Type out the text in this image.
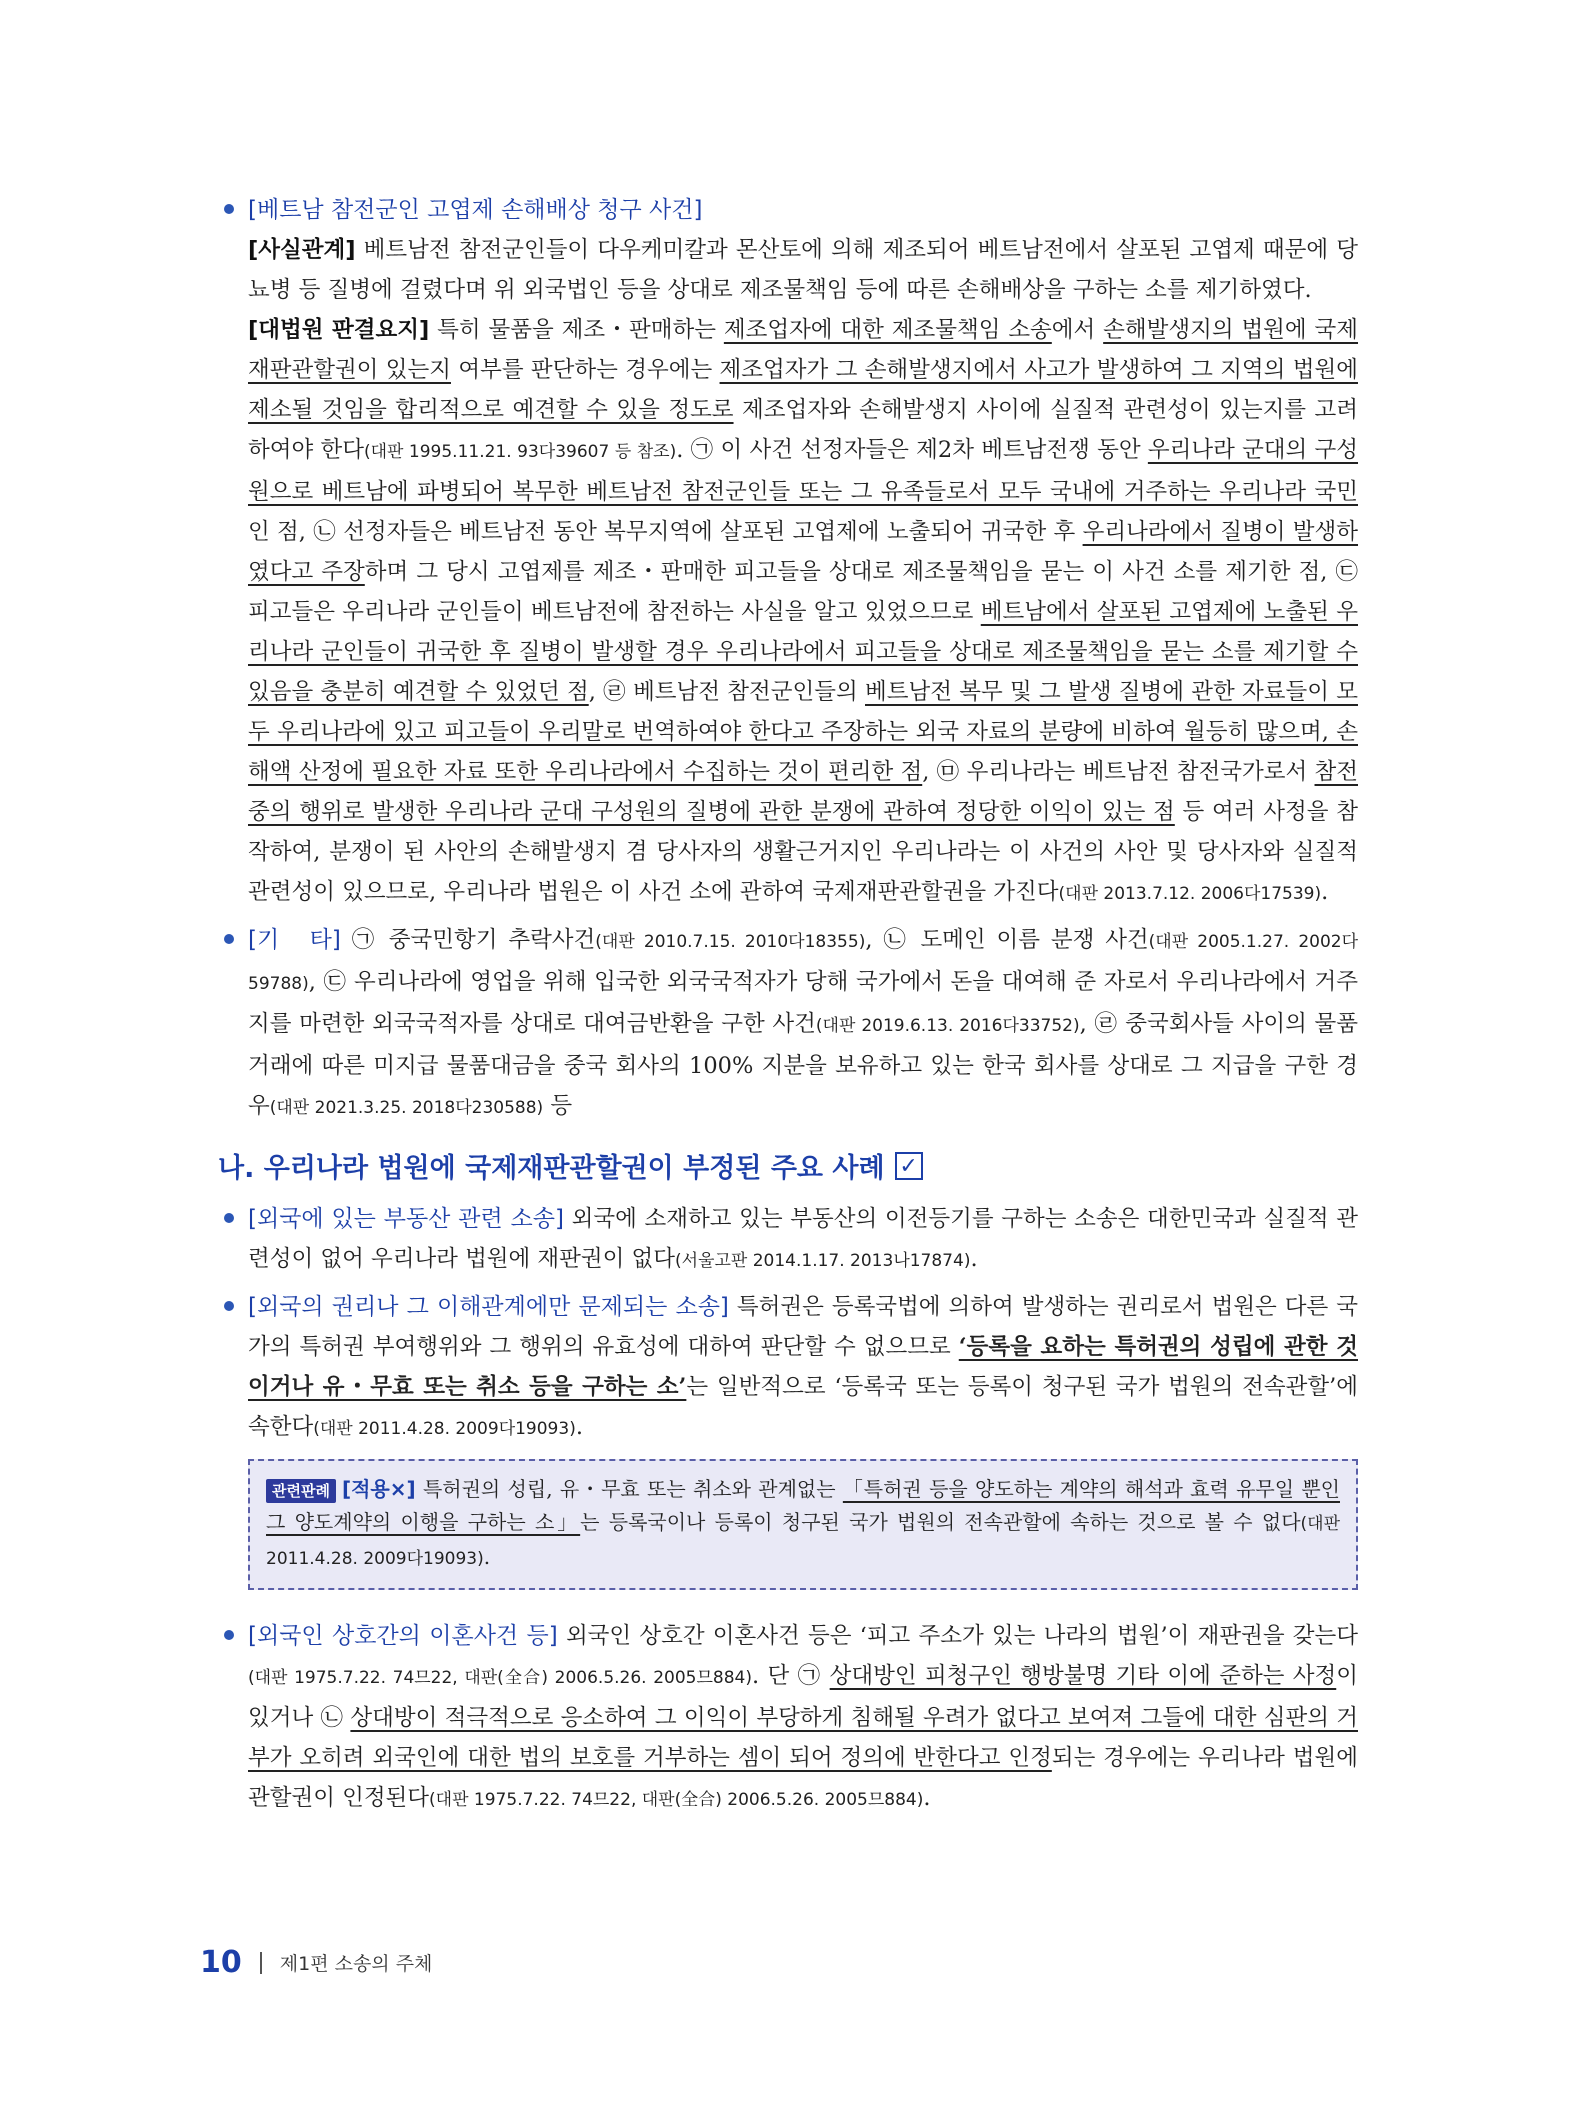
[베트남 참전군인 고엽제 손해배상 청구 사건]
[사실관계] 베트남전 참전군인들이 다우케미칼과 몬산토에 의해 제조되어 베트남전에서 살포된 고엽제 때문에 당뇨병 등 질병에 걸렸다며 위 외국법인 등을 상대로 제조물책임 등에 따른 손해배상을 구하는 소를 제기하였다.
[대법원 판결요지] 특히 물품을 제조・판매하는 제조업자에 대한 제조물책임 소송에서 손해발생지의 법원에 국제재판관할권이 있는지 여부를 판단하는 경우에는 제조업자가 그 손해발생지에서 사고가 발생하여 그 지역의 법원에 제소될 것임을 합리적으로 예견할 수 있을 정도로 제조업자와 손해발생지 사이에 실질적 관련성이 있는지를 고려하여야 한다(대판 1995.11.21. 93다39607 등 참조). ㉠ 이 사건 선정자들은 제2차 베트남전쟁 동안 우리나라 군대의 구성원으로 베트남에 파병되어 복무한 베트남전 참전군인들 또는 그 유족들로서 모두 국내에 거주하는 우리나라 국민인 점, ㉡ 선정자들은 베트남전 동안 복무지역에 살포된 고엽제에 노출되어 귀국한 후 우리나라에서 질병이 발생하였다고 주장하며 그 당시 고엽제를 제조・판매한 피고들을 상대로 제조물책임을 묻는 이 사건 소를 제기한 점, ㉢ 피고들은 우리나라 군인들이 베트남전에 참전하는 사실을 알고 있었으므로 베트남에서 살포된 고엽제에 노출된 우리나라 군인들이 귀국한 후 질병이 발생할 경우 우리나라에서 피고들을 상대로 제조물책임을 묻는 소를 제기할 수 있음을 충분히 예견할 수 있었던 점, ㉣ 베트남전 참전군인들의 베트남전 복무 및 그 발생 질병에 관한 자료들이 모두 우리나라에 있고 피고들이 우리말로 번역하여야 한다고 주장하는 외국 자료의 분량에 비하여 월등히 많으며, 손해액 산정에 필요한 자료 또한 우리나라에서 수집하는 것이 편리한 점, ㉤ 우리나라는 베트남전 참전국가로서 참전 중의 행위로 발생한 우리나라 군대 구성원의 질병에 관한 분쟁에 관하여 정당한 이익이 있는 점 등 여러 사정을 참작하여, 분쟁이 된 사안의 손해발생지 겸 당사자의 생활근거지인 우리나라는 이 사건의 사안 및 당사자와 실질적 관련성이 있으므로, 우리나라 법원은 이 사건 소에 관하여 국제재판관할권을 가진다(대판 2013.7.12. 2006다17539).
[기　타] ㉠ 중국민항기 추락사건(대판 2010.7.15. 2010다18355), ㉡ 도메인 이름 분쟁 사건(대판 2005.1.27. 2002다59788), ㉢ 우리나라에 영업을 위해 입국한 외국국적자가 당해 국가에서 돈을 대여해 준 자로서 우리나라에서 거주지를 마련한 외국국적자를 상대로 대여금반환을 구한 사건(대판 2019.6.13. 2016다33752), ㉣ 중국회사들 사이의 물품거래에 따른 미지급 물품대금을 중국 회사의 100% 지분을 보유하고 있는 한국 회사를 상대로 그 지급을 구한 경우(대판 2021.3.25. 2018다230588) 등
나. 우리나라 법원에 국제재판관할권이 부정된 주요 사례 ✓
[외국에 있는 부동산 관련 소송] 외국에 소재하고 있는 부동산의 이전등기를 구하는 소송은 대한민국과 실질적 관련성이 없어 우리나라 법원에 재판권이 없다(서울고판 2014.1.17. 2013나17874).
[외국의 권리나 그 이해관계에만 문제되는 소송] 특허권은 등록국법에 의하여 발생하는 권리로서 법원은 다른 국가의 특허권 부여행위와 그 행위의 유효성에 대하여 판단할 수 없으므로 ‘등록을 요하는 특허권의 성립에 관한 것이거나 유・무효 또는 취소 등을 구하는 소’는 일반적으로 ‘등록국 또는 등록이 청구된 국가 법원의 전속관할’에 속한다(대판 2011.4.28. 2009다19093).
관련판례 [적용×] 특허권의 성립, 유・무효 또는 취소와 관계없는 「특허권 등을 양도하는 계약의 해석과 효력 유무일 뿐인 그 양도계약의 이행을 구하는 소」는 등록국이나 등록이 청구된 국가 법원의 전속관할에 속하는 것으로 볼 수 없다(대판 2011.4.28. 2009다19093).
[외국인 상호간의 이혼사건 등] 외국인 상호간 이혼사건 등은 ‘피고 주소가 있는 나라의 법원’이 재판권을 갖는다(대판 1975.7.22. 74므22, 대판(全合) 2006.5.26. 2005므884). 단 ㉠ 상대방인 피청구인 행방불명 기타 이에 준하는 사정이 있거나 ㉡ 상대방이 적극적으로 응소하여 그 이익이 부당하게 침해될 우려가 없다고 보여져 그들에 대한 심판의 거부가 오히려 외국인에 대한 법의 보호를 거부하는 셈이 되어 정의에 반한다고 인정되는 경우에는 우리나라 법원에 관할권이 인정된다(대판 1975.7.22. 74므22, 대판(全合) 2006.5.26. 2005므884).
10 제1편 소송의 주체
